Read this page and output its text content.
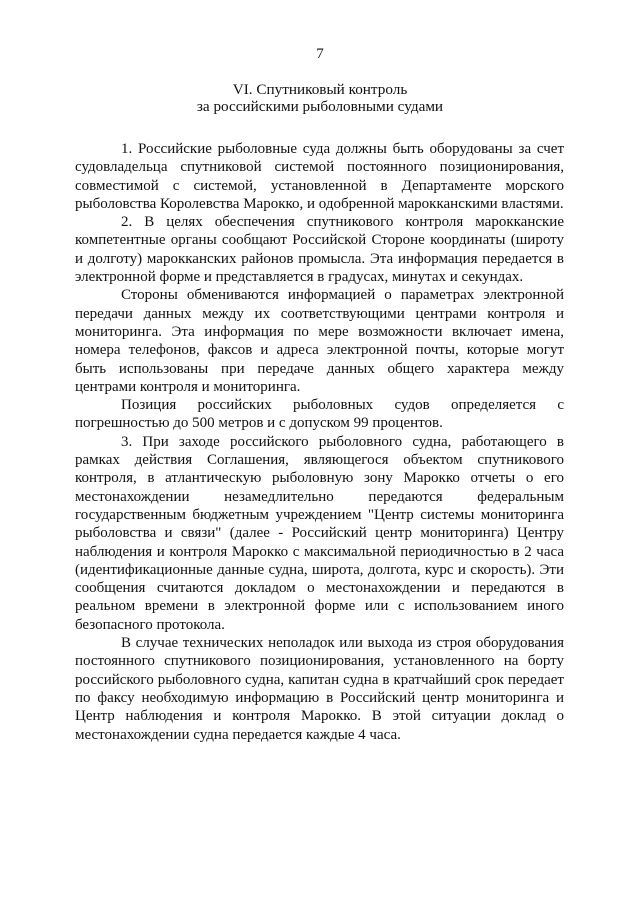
7
VI. Спутниковый контроль
за российскими рыболовными судами

1. Российские рыболовные суда должны быть оборудованы за счет судовладельца спутниковой системой постоянного позиционирования, совместимой с системой, установленной в Департаменте морского рыболовства Королевства Марокко, и одобренной марокканскими властями.

2. В целях обеспечения спутникового контроля марокканские компетентные органы сообщают Российской Стороне координаты (широту и долготу) марокканских районов промысла. Эта информация передается в электронной форме и представляется в градусах, минутах и секундах.

Стороны обмениваются информацией о параметрах электронной передачи данных между их соответствующими центрами контроля и мониторинга. Эта информация по мере возможности включает имена, номера телефонов, факсов и адреса электронной почты, которые могут быть использованы при передаче данных общего характера между центрами контроля и мониторинга.

Позиция российских рыболовных судов определяется с погрешностью до 500 метров и с допуском 99 процентов.

3. При заходе российского рыболовного судна, работающего в рамках действия Соглашения, являющегося объектом спутникового контроля, в атлантическую рыболовную зону Марокко отчеты о его местонахождении незамедлительно передаются федеральным государственным бюджетным учреждением "Центр системы мониторинга рыболовства и связи" (далее - Российский центр мониторинга) Центру наблюдения и контроля Марокко с максимальной периодичностью в 2 часа (идентификационные данные судна, широта, долгота, курс и скорость). Эти сообщения считаются докладом о местонахождении и передаются в реальном времени в электронной форме или с использованием иного безопасного протокола.

В случае технических неполадок или выхода из строя оборудования постоянного спутникового позиционирования, установленного на борту российского рыболовного судна, капитан судна в кратчайший срок передает по факсу необходимую информацию в Российский центр мониторинга и Центр наблюдения и контроля Марокко. В этой ситуации доклад о местонахождении судна передается каждые 4 часа.
